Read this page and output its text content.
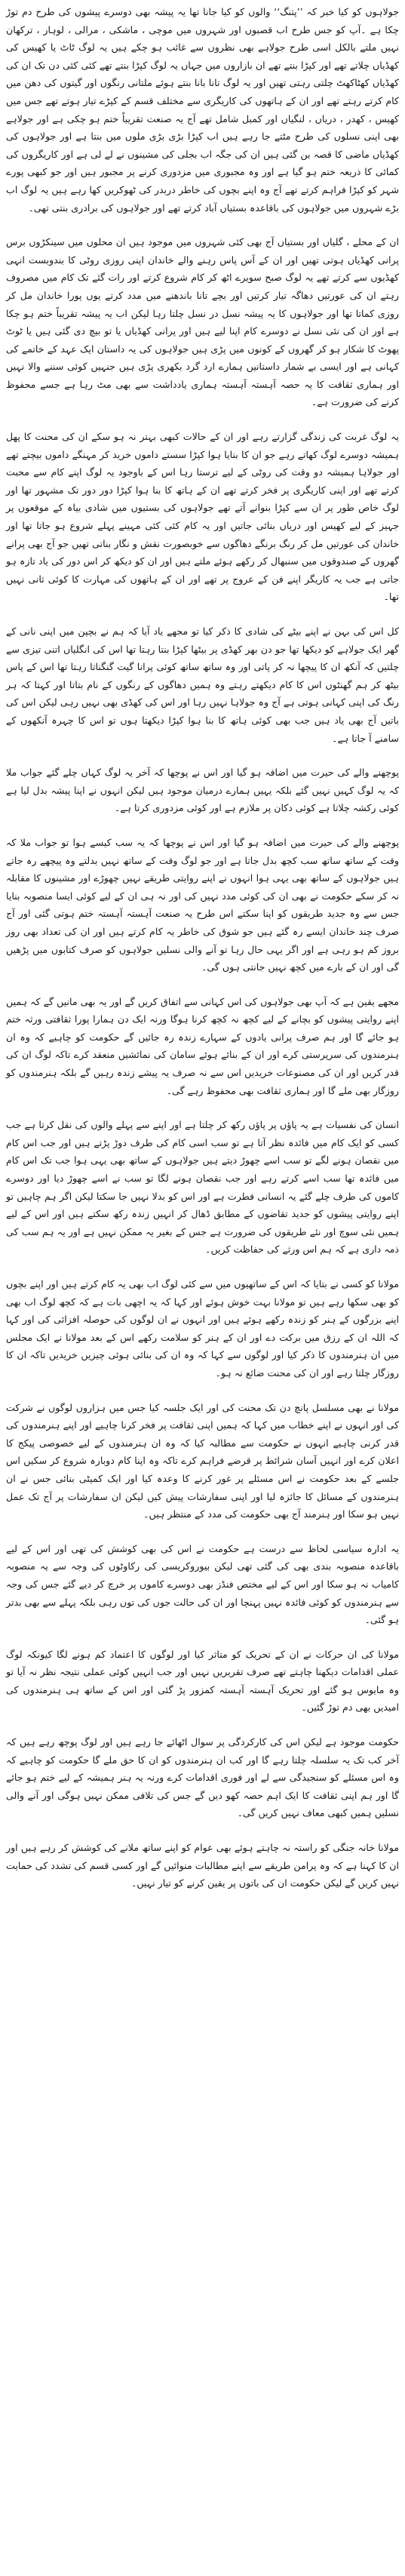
جولاہوں کو کیا خبر کہ ’’پتنگ‘‘ والوں کو کیا جانا تھا یہ پیشہ بھی دوسرے پیشوں کی طرح دم توڑ چکا ہے ۔آپ کو جس طرح اب قصبوں اور شہروں میں موچی ، ماشکی ، مرالی ، لوہار ، ترکھان نہیں ملتے بالکل اسی طرح جولاہے بھی نظروں سے غائب ہو چکے ہیں یہ لوگ ٹاٹ یا کھیس کی کھڈیاں چلاتے تھے اور کپڑا بنتے تھے ان بازاروں میں جہاں یہ لوگ کپڑا بنتے تھے کئی کئی دن تک ان کی کھڈیاں کھٹاکھٹ چلتی رہتی تھیں اور یہ لوگ تانا بانا بنتے ہوئے ملتانی رنگوں اور گیتوں کی دھن میں کام کرتے رہتے تھے اور ان کے ہاتھوں کی کاریگری سے مختلف قسم کے کپڑے تیار ہوتے تھے جس میں کھیس ، کھدر ، دریاں ، لنگیاں اور کمبل شامل تھے آج یہ صنعت تقریباً ختم ہو چکی ہے اور جولاہے بھی اپنی نسلوں کی طرح مٹتے جا رہے ہیں اب کپڑا بڑی بڑی ملوں میں بنتا ہے اور جولاہوں کی کھڈیاں ماضی کا قصہ بن گئی ہیں ان کی جگہ اب بجلی کی مشینوں نے لے لی ہے اور کاریگروں کی کمائی کا ذریعہ ختم ہو گیا ہے اور وہ مجبوری میں مزدوری کرنے پر مجبور ہیں اور جو کبھی پورے شہر کو کپڑا فراہم کرتے تھے آج وہ اپنے بچوں کی خاطر دربدر کی ٹھوکریں کھا رہے ہیں یہ لوگ اب بڑے شہروں میں جولاہوں کی باقاعدہ بستیاں آباد کرتے تھے اور جولاہوں کی برادری بنتی تھی۔

ان کے محلے ، گلیاں اور بستیاں آج بھی کئی شہروں میں موجود ہیں ان محلوں میں سینکڑوں برس پرانی کھڈیاں ہوتی تھیں اور ان کے آس پاس رہنے والے خاندان اپنی روزی روٹی کا بندوبست انہی کھڈیوں سے کرتے تھے یہ لوگ صبح سویرے اٹھ کر کام شروع کرتے اور رات گئے تک کام میں مصروف رہتے ان کی عورتیں دھاگہ تیار کرتیں اور بچے تانا باندھنے میں مدد کرتے یوں پورا خاندان مل کر روزی کماتا تھا اور جولاہوں کا یہ پیشہ نسل در نسل چلتا رہا لیکن اب یہ پیشہ تقریباً ختم ہو چکا ہے اور ان کی نئی نسل نے دوسرے کام اپنا لیے ہیں اور پرانی کھڈیاں یا تو بیچ دی گئی ہیں یا ٹوٹ پھوٹ کا شکار ہو کر گھروں کے کونوں میں پڑی ہیں جولاہوں کی یہ داستان ایک عہد کے خاتمے کی کہانی ہے اور ایسی بے شمار داستانیں ہمارے ارد گرد بکھری پڑی ہیں جنہیں کوئی سننے والا نہیں اور ہماری ثقافت کا یہ حصہ آہستہ آہستہ ہماری یادداشت سے بھی مٹ رہا ہے جسے محفوظ کرنے کی ضرورت ہے۔

یہ لوگ غربت کی زندگی گزارتے رہے اور ان کے حالات کبھی بہتر نہ ہو سکے ان کی محنت کا پھل ہمیشہ دوسرے لوگ کھاتے رہے جو ان کا بنایا ہوا کپڑا سستے داموں خرید کر مہنگے داموں بیچتے تھے اور جولاہا ہمیشہ دو وقت کی روٹی کے لیے ترستا رہا اس کے باوجود یہ لوگ اپنے کام سے محبت کرتے تھے اور اپنی کاریگری پر فخر کرتے تھے ان کے ہاتھ کا بنا ہوا کپڑا دور دور تک مشہور تھا اور لوگ خاص طور پر ان سے کپڑا بنوانے آتے تھے جولاہوں کی بستیوں میں شادی بیاہ کے موقعوں پر جہیز کے لیے کھیس اور دریاں بنائی جاتیں اور یہ کام کئی کئی مہینے پہلے شروع ہو جاتا تھا اور خاندان کی عورتیں مل کر رنگ برنگے دھاگوں سے خوبصورت نقش و نگار بناتی تھیں جو آج بھی پرانے گھروں کے صندوقوں میں سنبھال کر رکھے ہوئے ملتے ہیں اور ان کو دیکھ کر اس دور کی یاد تازہ ہو جاتی ہے جب یہ کاریگر اپنے فن کے عروج پر تھے اور ان کے ہاتھوں کی مہارت کا کوئی ثانی نہیں تھا۔

کل اس کی بہن نے اپنے بیٹے کی شادی کا ذکر کیا تو مجھے یاد آیا کہ ہم نے بچپن میں اپنی نانی کے گھر ایک جولاہے کو دیکھا تھا جو دن بھر کھڈی پر بیٹھا کپڑا بنتا رہتا تھا اس کی انگلیاں اتنی تیزی سے چلتیں کہ آنکھ ان کا پیچھا نہ کر پاتی اور وہ ساتھ ساتھ کوئی پرانا گیت گنگناتا رہتا تھا اس کے پاس بیٹھ کر ہم گھنٹوں اس کا کام دیکھتے رہتے وہ ہمیں دھاگوں کے رنگوں کے نام بتاتا اور کہتا کہ ہر رنگ کی اپنی کہانی ہوتی ہے آج وہ جولاہا نہیں رہا اور اس کی کھڈی بھی نہیں رہی لیکن اس کی باتیں آج بھی یاد ہیں جب بھی کوئی ہاتھ کا بنا ہوا کپڑا دیکھتا ہوں تو اس کا چہرہ آنکھوں کے سامنے آ جاتا ہے۔

پوچھنے والے کی حیرت میں اضافہ ہو گیا اور اس نے پوچھا کہ آخر یہ لوگ کہاں چلے گئے جواب ملا کہ یہ لوگ کہیں نہیں گئے بلکہ یہیں ہمارے درمیان موجود ہیں لیکن انہوں نے اپنا پیشہ بدل لیا ہے کوئی رکشہ چلاتا ہے کوئی دکان پر ملازم ہے اور کوئی مزدوری کرتا ہے۔

پوچھنے والے کی حیرت میں اضافہ ہو گیا اور اس نے پوچھا کہ یہ سب کیسے ہوا تو جواب ملا کہ وقت کے ساتھ ساتھ سب کچھ بدل جاتا ہے اور جو لوگ وقت کے ساتھ نہیں بدلتے وہ پیچھے رہ جاتے ہیں جولاہوں کے ساتھ بھی یہی ہوا انہوں نے اپنے روایتی طریقے نہیں چھوڑے اور مشینوں کا مقابلہ نہ کر سکے حکومت نے بھی ان کی کوئی مدد نہیں کی اور نہ ہی ان کے لیے کوئی ایسا منصوبہ بنایا جس سے وہ جدید طریقوں کو اپنا سکتے اس طرح یہ صنعت آہستہ آہستہ ختم ہوتی گئی اور آج صرف چند خاندان ایسے رہ گئے ہیں جو شوق کی خاطر یہ کام کرتے ہیں اور ان کی تعداد بھی روز بروز کم ہو رہی ہے اور اگر یہی حال رہا تو آنے والی نسلیں جولاہوں کو صرف کتابوں میں پڑھیں گی اور ان کے بارے میں کچھ نہیں جانتی ہوں گی۔

مجھے یقین ہے کہ آپ بھی جولاہوں کی اس کہانی سے اتفاق کریں گے اور یہ بھی مانیں گے کہ ہمیں اپنے روایتی پیشوں کو بچانے کے لیے کچھ نہ کچھ کرنا ہوگا ورنہ ایک دن ہمارا پورا ثقافتی ورثہ ختم ہو جائے گا اور ہم صرف پرانی یادوں کے سہارے زندہ رہ جائیں گے حکومت کو چاہیے کہ وہ ان ہنرمندوں کی سرپرستی کرے اور ان کے بنائے ہوئے سامان کی نمائشیں منعقد کرے تاکہ لوگ ان کی قدر کریں اور ان کی مصنوعات خریدیں اس سے نہ صرف یہ پیشے زندہ رہیں گے بلکہ ہنرمندوں کو روزگار بھی ملے گا اور ہماری ثقافت بھی محفوظ رہے گی۔

انسان کی نفسیات ہے یہ پاؤں پر پاؤں رکھ کر چلتا ہے اور اپنے سے پہلے والوں کی نقل کرتا ہے جب کسی کو ایک کام میں فائدہ نظر آتا ہے تو سب اسی کام کی طرف دوڑ پڑتے ہیں اور جب اس کام میں نقصان ہونے لگے تو سب اسے چھوڑ دیتے ہیں جولاہوں کے ساتھ بھی یہی ہوا جب تک اس کام میں فائدہ تھا سب اسے کرتے رہے اور جب نقصان ہونے لگا تو سب نے اسے چھوڑ دیا اور دوسرے کاموں کی طرف چلے گئے یہ انسانی فطرت ہے اور اس کو بدلا نہیں جا سکتا لیکن اگر ہم چاہیں تو اپنے روایتی پیشوں کو جدید تقاضوں کے مطابق ڈھال کر انہیں زندہ رکھ سکتے ہیں اور اس کے لیے ہمیں نئی سوچ اور نئے طریقوں کی ضرورت ہے جس کے بغیر یہ ممکن نہیں ہے اور یہ ہم سب کی ذمہ داری ہے کہ ہم اس ورثے کی حفاظت کریں۔

مولانا کو کسی نے بتایا کہ اس کے ساتھیوں میں سے کئی لوگ اب بھی یہ کام کرتے ہیں اور اپنے بچوں کو بھی سکھا رہے ہیں تو مولانا بہت خوش ہوئے اور کہا کہ یہ اچھی بات ہے کہ کچھ لوگ اب بھی اپنے بزرگوں کے ہنر کو زندہ رکھے ہوئے ہیں اور انہوں نے ان لوگوں کی حوصلہ افزائی کی اور کہا کہ اللہ ان کے رزق میں برکت دے اور ان کے ہنر کو سلامت رکھے اس کے بعد مولانا نے ایک مجلس میں ان ہنرمندوں کا ذکر کیا اور لوگوں سے کہا کہ وہ ان کی بنائی ہوئی چیزیں خریدیں تاکہ ان کا روزگار چلتا رہے اور ان کی محنت ضائع نہ ہو۔

مولانا نے بھی مسلسل پانچ دن تک محنت کی اور ایک جلسہ کیا جس میں ہزاروں لوگوں نے شرکت کی اور انہوں نے اپنے خطاب میں کہا کہ ہمیں اپنی ثقافت پر فخر کرنا چاہیے اور اپنے ہنرمندوں کی قدر کرنی چاہیے انہوں نے حکومت سے مطالبہ کیا کہ وہ ان ہنرمندوں کے لیے خصوصی پیکج کا اعلان کرے اور انہیں آسان شرائط پر قرضے فراہم کرے تاکہ وہ اپنا کام دوبارہ شروع کر سکیں اس جلسے کے بعد حکومت نے اس مسئلے پر غور کرنے کا وعدہ کیا اور ایک کمیٹی بنائی جس نے ان ہنرمندوں کے مسائل کا جائزہ لیا اور اپنی سفارشات پیش کیں لیکن ان سفارشات پر آج تک عمل نہیں ہو سکا اور ہنرمند آج بھی حکومت کی مدد کے منتظر ہیں۔

یہ ادارہ سیاسی لحاظ سے درست ہے حکومت نے اس کی بھی کوشش کی تھی اور اس کے لیے باقاعدہ منصوبہ بندی بھی کی گئی تھی لیکن بیوروکریسی کی رکاوٹوں کی وجہ سے یہ منصوبہ کامیاب نہ ہو سکا اور اس کے لیے مختص فنڈز بھی دوسرے کاموں پر خرچ کر دیے گئے جس کی وجہ سے ہنرمندوں کو کوئی فائدہ نہیں پہنچا اور ان کی حالت جوں کی توں رہی بلکہ پہلے سے بھی بدتر ہو گئی۔

مولانا کی ان حرکات نے ان کے تحریک کو متاثر کیا اور لوگوں کا اعتماد کم ہونے لگا کیونکہ لوگ عملی اقدامات دیکھنا چاہتے تھے صرف تقریریں نہیں اور جب انہیں کوئی عملی نتیجہ نظر نہ آیا تو وہ مایوس ہو گئے اور تحریک آہستہ آہستہ کمزور پڑ گئی اور اس کے ساتھ ہی ہنرمندوں کی امیدیں بھی دم توڑ گئیں۔

حکومت موجود ہے لیکن اس کی کارکردگی پر سوال اٹھائے جا رہے ہیں اور لوگ پوچھ رہے ہیں کہ آخر کب تک یہ سلسلہ چلتا رہے گا اور کب ان ہنرمندوں کو ان کا حق ملے گا حکومت کو چاہیے کہ وہ اس مسئلے کو سنجیدگی سے لے اور فوری اقدامات کرے ورنہ یہ ہنر ہمیشہ کے لیے ختم ہو جائے گا اور ہم اپنی ثقافت کا ایک اہم حصہ کھو دیں گے جس کی تلافی ممکن نہیں ہوگی اور آنے والی نسلیں ہمیں کبھی معاف نہیں کریں گی۔

مولانا خانہ جنگی کو راستہ نہ چاہتے ہوئے بھی عوام کو اپنے ساتھ ملانے کی کوشش کر رہے ہیں اور ان کا کہنا ہے کہ وہ پرامن طریقے سے اپنے مطالبات منوائیں گے اور کسی قسم کی تشدد کی حمایت نہیں کریں گے لیکن حکومت ان کی باتوں پر یقین کرنے کو تیار نہیں۔
